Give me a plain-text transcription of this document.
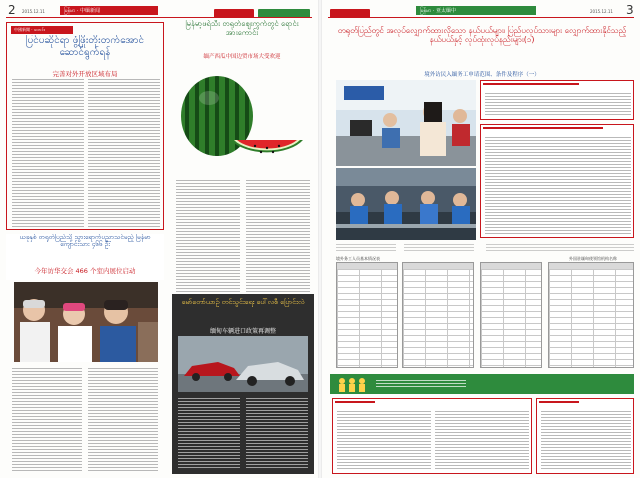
2 2015.12.11	မြန်မာ · 中缅新闻
中國新聞 · သတင်း
ပြင်ပဆိုင်ရာ ဖွံ့ဖြိုးတိုးတက်အောင် ဆောင်ရွက်ရန်
完善对外开放区域布局
မြန်မာ့ဖရဲသီး တရုတ်ဈေးကွက်တွင် ရောင်းအားကောင်း
缅产西瓜中国边贸市场大受欢迎
ယခုနှစ် တရုတ်ပြည်သို့ သွားရောက်ပညာသင်မည့် မြန်မာကျောင်းသား ၄၆၆ ဦး
今年访华交会 466 个室内展位启动
မော်တော်ယာဉ် တင်သွင်းရေး ပေါ်လစီ ပြောင်းလဲ
缅甸车辆进口政策再调整
မြန်မာ · 亚太缅中	2015.12.11 3
တရုတ်ပြည်တွင် အလုပ်လျှောက်ထားလိုသော နယ်ပယ်များ၊ ပြည်ပလုပ်သားများ လျှောက်ထားနိုင်သည့် နယ်ပယ်နှင့် လုပ်ထုံးလုပ်နည်းများ(၁)
境外访民入缅务工申请范围、条件及程序（一）
境外务工人员基本情况表	外国驻缅甸使领馆机构名称
